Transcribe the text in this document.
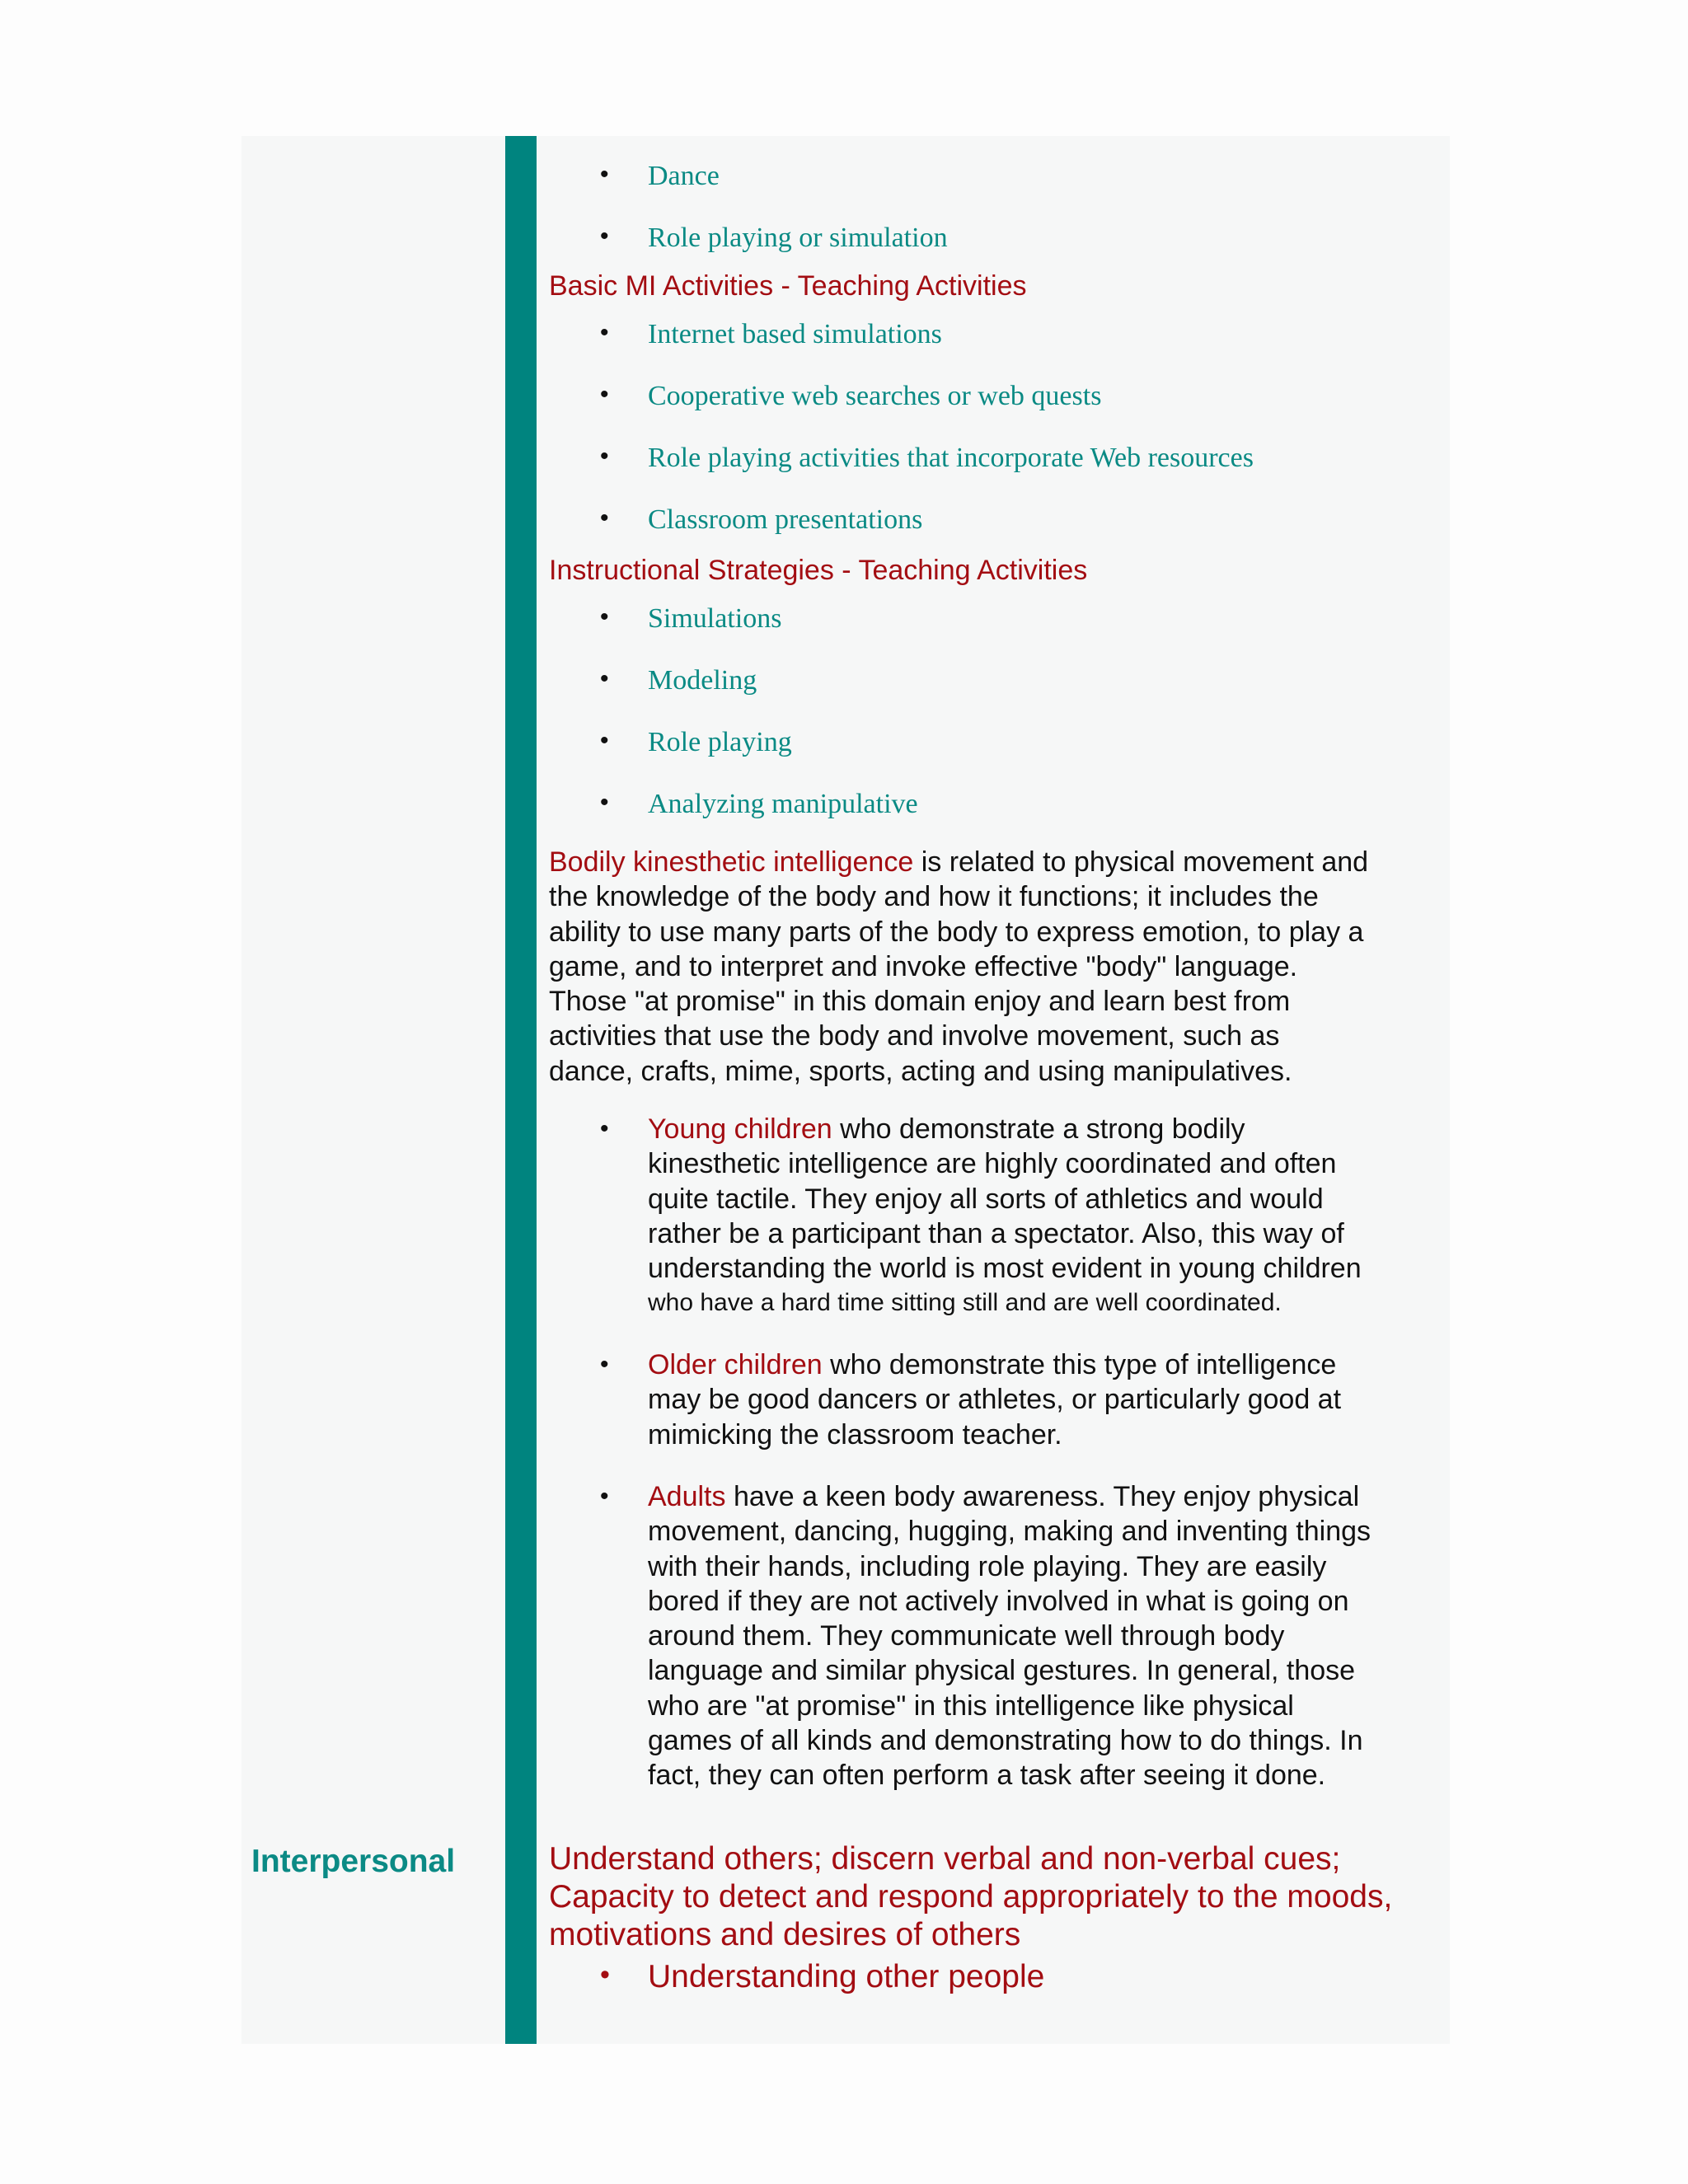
Interpersonal
• Dance
• Role playing or simulation
Basic MI Activities - Teaching Activities
• Internet based simulations
• Cooperative web searches or web quests
• Role playing activities that incorporate Web resources
• Classroom presentations
Instructional Strategies - Teaching Activities
• Simulations
• Modeling
• Role playing
• Analyzing manipulative
Bodily kinesthetic intelligence is related to physical movement and
the knowledge of the body and how it functions; it includes the
ability to use many parts of the body to express emotion, to play a
game, and to interpret and invoke effective "body" language.
Those "at promise" in this domain enjoy and learn best from
activities that use the body and involve movement, such as
dance, crafts, mime, sports, acting and using manipulatives.
• Young children who demonstrate a strong bodily
kinesthetic intelligence are highly coordinated and often
quite tactile. They enjoy all sorts of athletics and would
rather be a participant than a spectator. Also, this way of
understanding the world is most evident in young children
who have a hard time sitting still and are well coordinated.
• Older children who demonstrate this type of intelligence
may be good dancers or athletes, or particularly good at
mimicking the classroom teacher.
• Adults have a keen body awareness. They enjoy physical
movement, dancing, hugging, making and inventing things
with their hands, including role playing. They are easily
bored if they are not actively involved in what is going on
around them. They communicate well through body
language and similar physical gestures. In general, those
who are "at promise" in this intelligence like physical
games of all kinds and demonstrating how to do things. In
fact, they can often perform a task after seeing it done.
Understand others; discern verbal and non-verbal cues;
Capacity to detect and respond appropriately to the moods,
motivations and desires of others
• Understanding other people
